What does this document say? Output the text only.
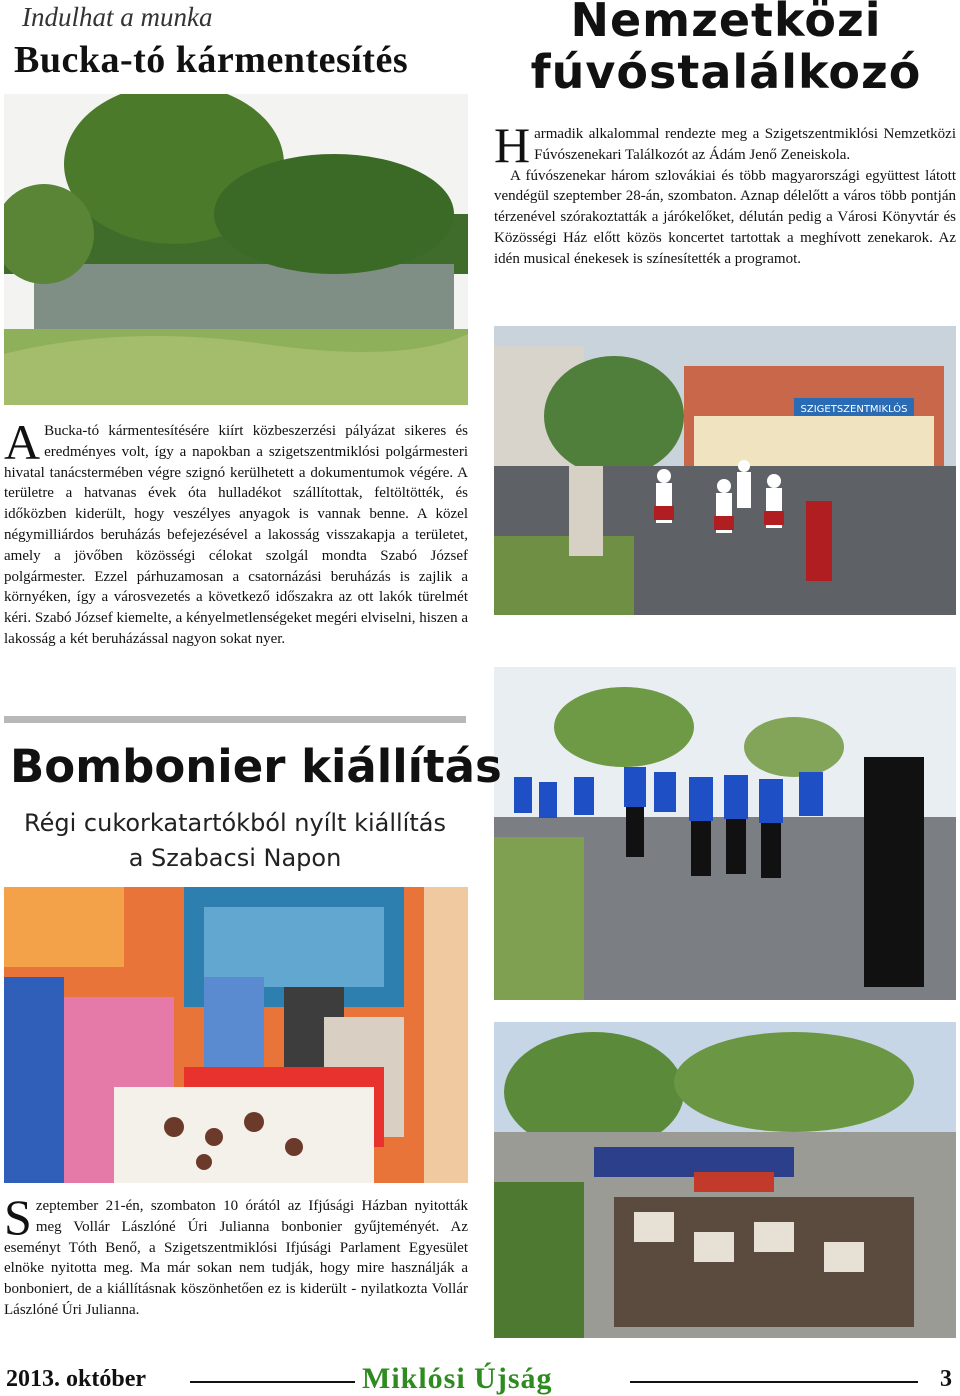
Indulhat a munka
Bucka-tó kármentesítés

A Bucka-tó kármentesítésére kiírt közbeszerzési pályázat sikeres és eredményes volt, így a napokban a szigetszentmiklósi polgármesteri hivatal tanácstermében végre szignó kerülhetett a dokumentumok végére. A területre a hatvanas évek óta hulladékot szállítottak, feltöltötték, és időközben kiderült, hogy veszélyes anyagok is vannak benne. A közel négymilliárdos beruházás befejezésével a lakosság visszakapja a területet, amely a jövőben közösségi célokat szolgál mondta Szabó József polgármester. Ezzel párhuzamosan a csatornázási beruházás is zajlik a környéken, így a városvezetés a következő időszakra az ott lakók türelmét kéri. Szabó József kiemelte, a kényelmetlenségeket megéri elviselni, hiszen a lakosság a két beruházással nagyon sokat nyer.

Nemzetközi
fúvóstalálkozó

Harmadik alkalommal rendezte meg a Szigetszentmiklósi Nemzetközi Fúvószenekari Találkozót az Ádám Jenő Zeneiskola.

A fúvószenekar három szlovákiai és több magyarországi együttest látott vendégül szeptember 28-án, szombaton. Aznap délelőtt a város több pontján térzenével szórakoztatták a járókelőket, délután pedig a Városi Könyvtár és Közösségi Ház előtt közös koncertet tartottak a meghívott zenekarok. Az idén musical énekesek is színesítették a programot.

SZIGETSZENTMIKLÓS
Bombonier kiállítás
Régi cukorkatartókból nyílt kiállítás
a Szabacsi Napon

Szeptember 21-én, szombaton 10 órától az Ifjúsági Házban nyitották meg Vollár Lászlóné Úri Julianna bonbonier gyűjteményét. Az eseményt Tóth Benő, a Szigetszentmiklósi Ifjúsági Parlament Egyesület elnöke nyitotta meg. Ma már sokan nem tudják, hogy mire használják a bonboniert, de a kiállításnak köszönhetően ez is kiderült - nyilatkozta Vollár Lászlóné Úri Julianna.

2013. október	Miklósi Újság	3
